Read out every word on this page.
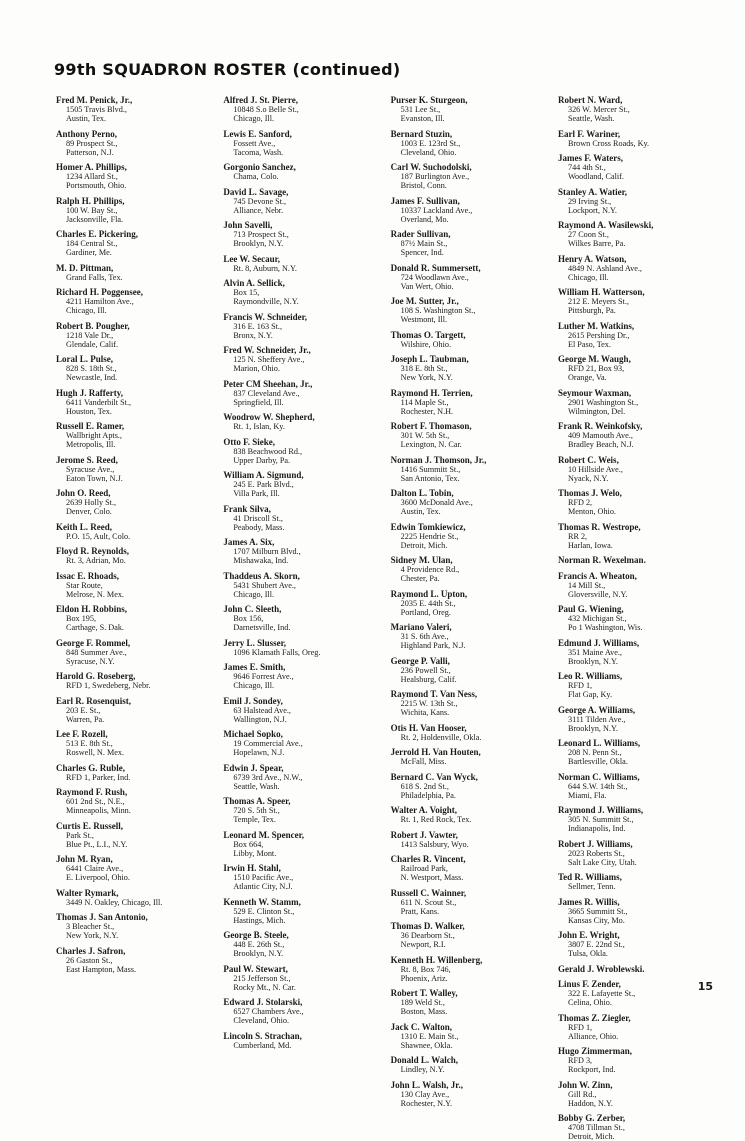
99th SQUADRON ROSTER (continued)
Fred M. Penick, Jr.,
1505 Travis Blvd.,
Austin, Tex.
Anthony Perno,
89 Prospect St.,
Patterson, N.J.
Homer A. Phillips,
1234 Allard St.,
Portsmouth, Ohio.
Ralph H. Phillips,
100 W. Bay St.,
Jacksonville, Fla.
Charles E. Pickering,
184 Central St.,
Gardiner, Me.
M. D. Pittman,
Grand Falls, Tex.
Richard H. Poggensee,
4211 Hamilton Ave.,
Chicago, Ill.
Robert B. Pougher,
1218 Vale Dr.,
Glendale, Calif.
Loral L. Pulse,
828 S. 18th St.,
Newcastle, Ind.
Hugh J. Rafferty,
6411 Vanderbilt St.,
Houston, Tex.
Russell E. Ramer,
Wallbright Apts.,
Metropolis, Ill.
Jerome S. Reed,
Syracuse Ave.,
Eaton Town, N.J.
John O. Reed,
2639 Holly St.,
Denver, Colo.
Keith L. Reed,
P.O. 15, Ault, Colo.
Floyd R. Reynolds,
Rt. 3, Adrian, Mo.
Issac E. Rhoads,
Star Route,
Melrose, N. Mex.
Eldon H. Robbins,
Box 195,
Carthage, S. Dak.
George F. Rommel,
848 Summer Ave.,
Syracuse, N.Y.
Harold G. Roseberg,
RFD 1, Swedeberg, Nebr.
Earl R. Rosenquist,
203 E. St.,
Warren, Pa.
Lee F. Rozell,
513 E. 8th St.,
Roswell, N. Mex.
Charles G. Ruble,
RFD 1, Parker, Ind.
Raymond F. Rush,
601 2nd St., N.E.,
Minneapolis, Minn.
Curtis E. Russell,
Park St.,
Blue Pt., L.I., N.Y.
John M. Ryan,
6441 Claire Ave.,
E. Liverpool, Ohio.
Walter Rymark,
3449 N. Oakley, Chicago, Ill.
Thomas J. San Antonio,
3 Bleacher St.,
New York, N.Y.
Charles J. Safron,
26 Gaston St.,
East Hampton, Mass.
Alfred J. St. Pierre,
10848 S.o Belle St.,
Chicago, Ill.
Lewis E. Sanford,
Fossett Ave.,
Tacoma, Wash.
Gorgonio Sanchez,
Chama, Colo.
David L. Savage,
745 Devone St.,
Alliance, Nebr.
John Savelli,
713 Prospect St.,
Brooklyn, N.Y.
Lee W. Secaur,
Rt. 8, Auburn, N.Y.
Alvin A. Sellick,
Box 15,
Raymondville, N.Y.
Francis W. Schneider,
316 E. 163 St.,
Bronx, N.Y.
Fred W. Schneider, Jr.,
125 N. Sheffery Ave.,
Marion, Ohio.
Peter CM Sheehan, Jr.,
837 Cleveland Ave.,
Springfield, Ill.
Woodrow W. Shepherd,
Rt. 1, Islan, Ky.
Otto F. Sieke,
838 Beachwood Rd.,
Upper Darby, Pa.
William A. Sigmund,
245 E. Park Blvd.,
Villa Park, Ill.
Frank Silva,
41 Driscoll St.,
Peabody, Mass.
James A. Six,
1707 Milburn Blvd.,
Mishawaka, Ind.
Thaddeus A. Skorn,
5431 Shubert Ave.,
Chicago, Ill.
John C. Sleeth,
Box 156,
Darnetsville, Ind.
Jerry L. Slusser,
1096 Klamath Falls, Oreg.
James E. Smith,
9646 Forrest Ave.,
Chicago, Ill.
Emil J. Sondey,
63 Halstead Ave.,
Wallington, N.J.
Michael Sopko,
19 Commercial Ave.,
Hopelawn, N.J.
Edwin J. Spear,
6739 3rd Ave., N.W.,
Seattle, Wash.
Thomas A. Speer,
720 S. 5th St.,
Temple, Tex.
Leonard M. Spencer,
Box 664,
Libby, Mont.
Irwin H. Stahl,
1510 Pacific Ave.,
Atlantic City, N.J.
Kenneth W. Stamm,
529 E. Clinton St.,
Hastings, Mich.
George B. Steele,
448 E. 26th St.,
Brooklyn, N.Y.
Paul W. Stewart,
215 Jefferson St.,
Rocky Mt., N. Car.
Edward J. Stolarski,
6527 Chambers Ave.,
Cleveland, Ohio.
Lincoln S. Strachan,
Cumberland, Md.
Purser K. Sturgeon,
531 Lee St.,
Evanston, Ill.
Bernard Stuzin,
1003 E. 123rd St.,
Cleveland, Ohio.
Carl W. Suchodolski,
187 Burlington Ave.,
Bristol, Conn.
James F. Sullivan,
10337 Lackland Ave.,
Overland, Mo.
Rader Sullivan,
87½ Main St.,
Spencer, Ind.
Donald R. Summersett,
724 Woodlawn Ave.,
Van Wert, Ohio.
Joe M. Sutter, Jr.,
108 S. Washington St.,
Westmont, Ill.
Thomas O. Targett,
Wilshire, Ohio.
Joseph L. Taubman,
318 E. 8th St.,
New York, N.Y.
Raymond H. Terrien,
114 Maple St.,
Rochester, N.H.
Robert F. Thomason,
301 W. 5th St.,
Lexington, N. Car.
Norman J. Thomson, Jr.,
1416 Summitt St.,
San Antonio, Tex.
Dalton L. Tobin,
3600 McDonald Ave.,
Austin, Tex.
Edwin Tomkiewicz,
2225 Hendrie St.,
Detroit, Mich.
Sidney M. Ulan,
4 Providence Rd.,
Chester, Pa.
Raymond L. Upton,
2035 E. 44th St.,
Portland, Oreg.
Mariano Valeri,
31 S. 6th Ave.,
Highland Park, N.J.
George P. Valli,
236 Powell St.,
Healsburg, Calif.
Raymond T. Van Ness,
2215 W. 13th St.,
Wichita, Kans.
Otis H. Van Hooser,
Rt. 2, Holdenville, Okla.
Jerrold H. Van Houten,
McFall, Miss.
Bernard C. Van Wyck,
618 S. 2nd St.,
Philadelphia, Pa.
Walter A. Voight,
Rt. 1, Red Rock, Tex.
Robert J. Vawter,
1413 Salsbury, Wyo.
Charles R. Vincent,
Railroad Park,
N. Westport, Mass.
Russell C. Wainner,
611 N. Scout St.,
Pratt, Kans.
Thomas D. Walker,
36 Dearborn St.,
Newport, R.I.
Kenneth H. Willenberg,
Rt. 8, Box 746,
Phoenix, Ariz.
Robert T. Walley,
189 Weld St.,
Boston, Mass.
Jack C. Walton,
1310 E. Main St.,
Shawnee, Okla.
Donald L. Walch,
Lindley, N.Y.
John L. Walsh, Jr.,
130 Clay Ave.,
Rochester, N.Y.
Robert N. Ward,
326 W. Mercer St.,
Seattle, Wash.
Earl F. Wariner,
Brown Cross Roads, Ky.
James F. Waters,
744 4th St.,
Woodland, Calif.
Stanley A. Watier,
29 Irving St.,
Lockport, N.Y.
Raymond A. Wasilewski,
27 Coon St.,
Wilkes Barre, Pa.
Henry A. Watson,
4849 N. Ashland Ave.,
Chicago, Ill.
William H. Watterson,
212 E. Meyers St.,
Pittsburgh, Pa.
Luther M. Watkins,
2615 Pershing Dr.,
El Paso, Tex.
George M. Waugh,
RFD 21, Box 93,
Orange, Va.
Seymour Waxman,
2901 Washington St.,
Wilmington, Del.
Frank R. Weinkofsky,
409 Mamouth Ave.,
Bradley Beach, N.J.
Robert C. Weis,
10 Hillside Ave.,
Nyack, N.Y.
Thomas J. Welo,
RFD 2,
Menton, Ohio.
Thomas R. Westrope,
RR 2,
Harlan, Iowa.
Norman R. Wexelman.
Francis A. Wheaton,
14 Mill St.,
Gloversville, N.Y.
Paul G. Wiening,
432 Michigan St.,
Po 1 Washington, Wis.
Edmund J. Williams,
351 Maine Ave.,
Brooklyn, N.Y.
Leo R. Williams,
RFD 1,
Flat Gap, Ky.
George A. Williams,
3111 Tilden Ave.,
Brooklyn, N.Y.
Leonard L. Williams,
208 N. Penn St.,
Bartlesville, Okla.
Norman C. Williams,
644 S.W. 14th St.,
Miami, Fla.
Raymond J. Williams,
305 N. Summitt St.,
Indianapolis, Ind.
Robert J. Williams,
2023 Roberts St.,
Salt Lake City, Utah.
Ted R. Williams,
Sellmer, Tenn.
James R. Willis,
3665 Summitt St.,
Kansas City, Mo.
John E. Wright,
3807 E. 22nd St.,
Tulsa, Okla.
Gerald J. Wroblewski.
Linus F. Zender,
322 E. Lafayette St.,
Celina, Ohio.
Thomas Z. Ziegler,
RFD 1,
Alliance, Ohio.
Hugo Zimmerman,
RFD 3,
Rockport, Ind.
John W. Zinn,
Gill Rd.,
Haddon, N.Y.
Bobby G. Zerber,
4708 Tillman St.,
Detroit, Mich.
15
